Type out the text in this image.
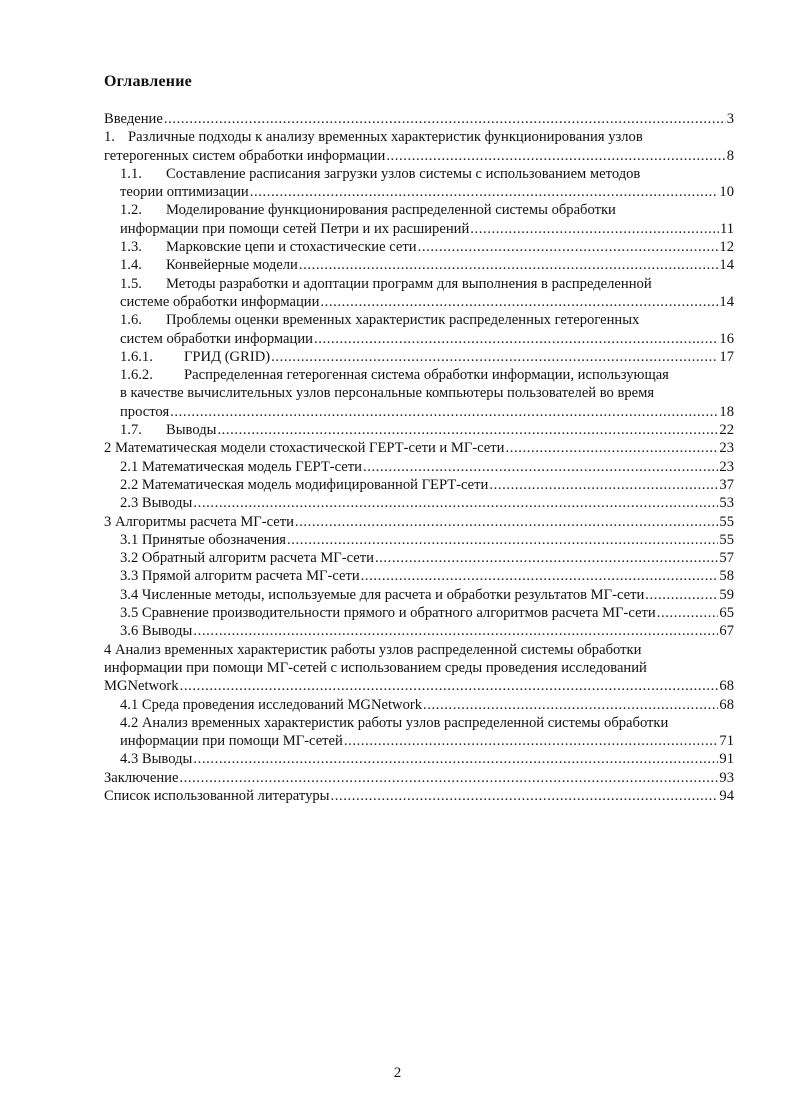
Оглавление
Введение .....	3
1. Различные подходы к анализу временных характеристик функционирования узлов
гетерогенных систем обработки информации .....	8
1.1. Составление расписания загрузки узлов системы с использованием методов
теории оптимизации .....	10
1.2. Моделирование функционирования распределенной системы обработки
информации при помощи сетей Петри и их расширений .....	11
1.3. Марковские цепи и стохастические сети .....	12
1.4. Конвейерные модели .....	14
1.5. Методы разработки и адоптации программ для выполнения в распределенной
системе обработки информации .....	14
1.6. Проблемы оценки временных характеристик распределенных гетерогенных
систем обработки информации .....	16
1.6.1. ГРИД (GRID) .....	17
1.6.2. Распределенная гетерогенная система обработки информации, использующая
в качестве вычислительных узлов персональные компьютеры пользователей во время
простоя .....	18
1.7. Выводы .....	22
2 Математическая модели стохастической ГЕРТ-сети и МГ-сети .....	23
2.1 Математическая модель ГЕРТ-сети .....	23
2.2 Математическая модель модифицированной ГЕРТ-сети .....	37
2.3 Выводы .....	53
3 Алгоритмы расчета МГ-сети .....	55
3.1 Принятые обозначения .....	55
3.2 Обратный алгоритм расчета МГ-сети .....	57
3.3 Прямой алгоритм расчета МГ-сети .....	58
3.4 Численные методы, используемые для расчета и обработки результатов МГ-сети .....	59
3.5 Сравнение производительности прямого и обратного алгоритмов расчета МГ-сети .....	65
3.6 Выводы .....	67
4 Анализ временных характеристик работы узлов распределенной системы обработки
информации при помощи МГ-сетей с использованием среды проведения исследований
MGNetwork .....	68
4.1 Среда проведения исследований MGNetwork .....	68
4.2 Анализ временных характеристик работы узлов распределенной системы обработки
информации при помощи МГ-сетей .....	71
4.3 Выводы .....	91
Заключение .....	93
Список использованной литературы .....	94
2
